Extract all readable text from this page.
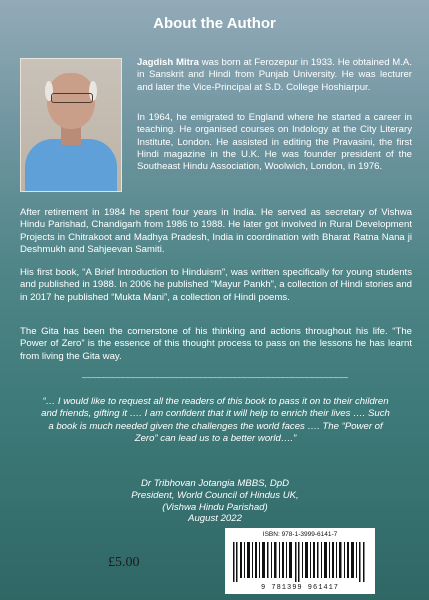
About the Author

Jagdish Mitra was born at Ferozepur in 1933. He obtained M.A. in Sanskrit and Hindi from Punjab University. He was lecturer and later the Vice-Principal at S.D. College Hoshiarpur.

In 1964, he emigrated to England where he started a career in teaching. He organised courses on Indology at the City Literary Institute, London. He assisted in editing the Pravasini, the first Hindi magazine in the U.K. He was founder president of the Southeast Hindu Association, Woolwich, London, in 1976.

After retirement in 1984 he spent four years in India. He served as secretary of Vishwa Hindu Parishad, Chandigarh from 1986 to 1988. He later got involved in Rural Development Projects in Chitrakoot and Madhya Pradesh, India in coordination with Bharat Ratna Nana ji Deshmukh and Sahjeevan Samiti.

His first book, “A Brief Introduction to Hinduism”, was written specifically for young students and published in 1988. In 2006 he published “Mayur Pankh”, a collection of Hindi stories and in 2017 he published “Mukta Mani”, a collection of Hindi poems.

The Gita has been the cornerstone of his thinking and actions throughout his life. “The Power of Zero” is the essence of this thought process to pass on the lessons he has learnt from living the Gita way.

~~~~~~~~~~~~~~~~~~~~~~~~~~~~~~~~~~~~~~~~~~~~~~~~~~~~~~~

“… I would like to request all the readers of this book to pass it on to their children and friends, gifting it …. I am confident that it will help to enrich their lives …. Such a book is much needed given the challenges the world faces …. The “Power of Zero” can lead us to a better world….”

Dr Tribhovan Jotangia MBBS, DpD
President, World Council of Hindus UK,
(Vishwa Hindu Parishad)
August 2022

£5.00
ISBN: 978-1-3999-6141-7
9 781399 961417
